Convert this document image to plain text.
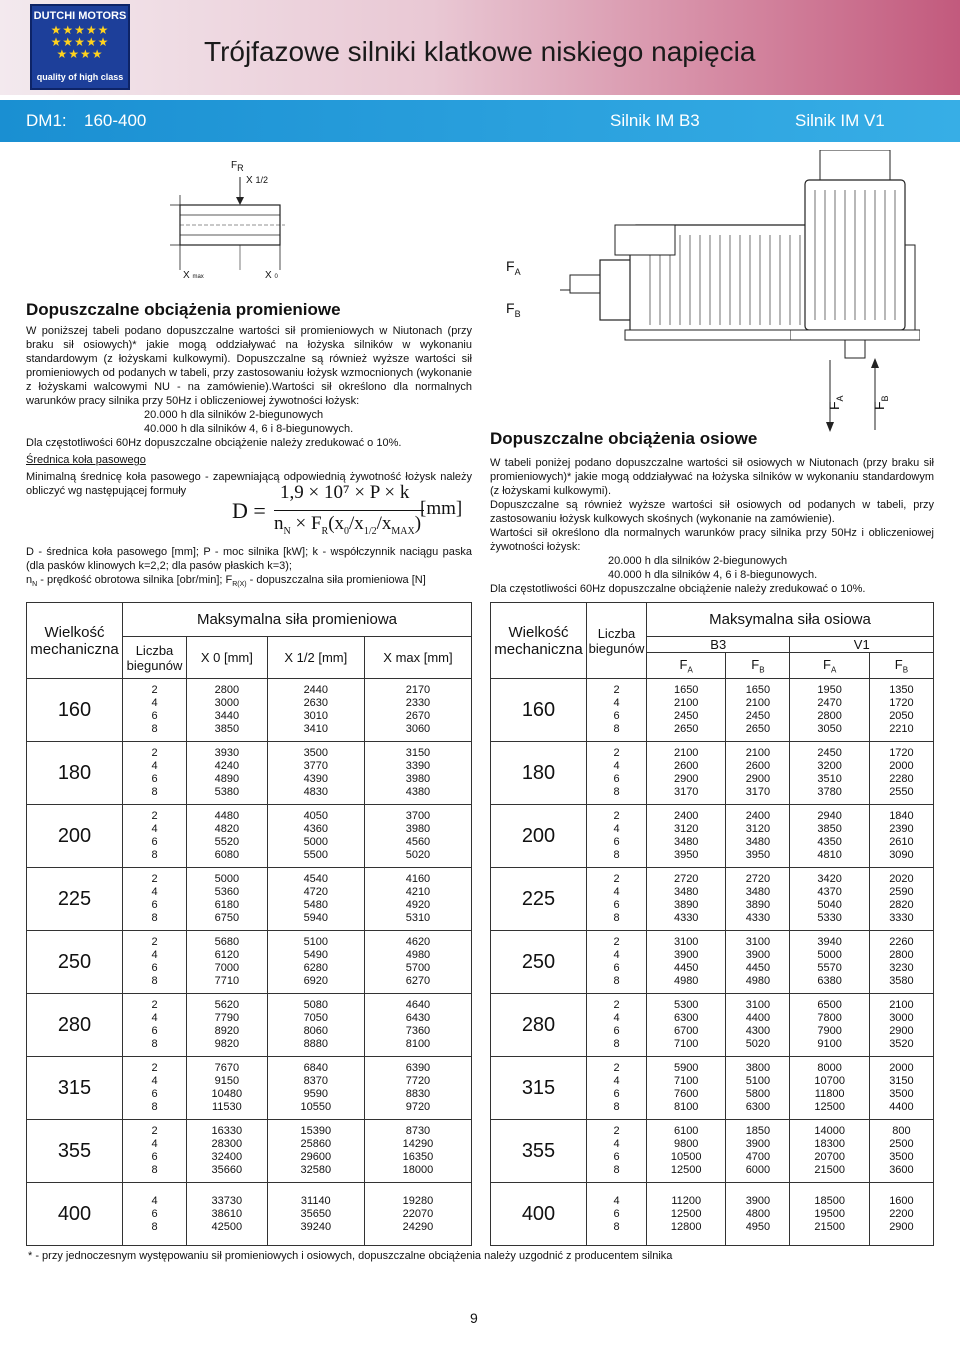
DUTCHI MOTORS
★★★★★
★★★★★
★★★★
quality of high class
Trójfazowe silniki klatkowe niskiego napięcia
DM1: 160-400	Silnik IM B3	Silnik IM V1
$F_R$
X 1/2
X max	X 0
$F_A$
$F_B$
$F_A$
$F_B$
Dopuszczalne obciążenia promieniowe

W poniższej tabeli podano dopuszczalne wartości sił promieniowych w Niutonach (przy braku sił osiowych)* jakie mogą oddziaływać na łożyska silników w wykonaniu standardowym (z łożyskami kulkowymi). Dopuszczalne są również wyższe wartości sił promieniowych od podanych w tabeli, przy zastosowaniu łożysk wzmocnionych (wykonanie z łożyskami walcowymi NU - na zamówienie).Wartości sił określono dla normalnych warunków pracy silnika przy 50Hz i obliczeniowej żywotności łożysk:

20.000 h dla silników 2-biegunowych

40.000 h dla silników 4, 6 i 8-biegunowych.

Dla częstotliwości 60Hz dopuszczalne obciążenie należy zredukować o 10%.

Średnica koła pasowego

Minimalną średnicę koła pasowego - zapewniającą odpowiednią żywotność łożysk należy obliczyć wg następującej formuły

D =
1,9 × 10⁷ × P × k
$n_N \times F_R(x_0/x_{1/2}/x_{MAX})$
[mm]

D - średnica koła pasowego [mm]; P - moc silnika [kW]; k - współczynnik naciągu paska (dla pasków klinowych k=2,2; dla pasów płaskich k=3);

$n_N$ - prędkość obrotowa silnika [obr/min]; $F_{R(X)}$ - dopuszczalna siła promieniowa [N]

Dopuszczalne obciążenia osiowe

W tabeli poniżej podano dopuszczalne wartości sił osiowych w Niutonach (przy braku sił promieniowych)* jakie mogą oddziaływać na łożyska silników w wykonaniu standardowym (z łożyskami kulkowymi).

Dopuszczalne są również wyższe wartości sił osiowych od podanych w tabeli, przy zastosowaniu łożysk kulkowych skośnych (wykonanie na zamówienie).

Wartości sił określono dla normalnych warunków pracy silnika przy 50Hz i obliczeniowej żywotności łożysk:

20.000 h dla silników 2-biegunowych

40.000 h dla silników 4, 6 i 8-biegunowych.

Dla częstotliwości 60Hz dopuszczalne obciążenie należy zredukować o 10%.

Wielkość mechaniczna	Maksymalna siła promieniowa			
	Liczba biegunów	X 0 [mm]	X 1/2 [mm]	X max [mm]
160	2
4
6
8	2800
3000
3440
3850	2440
2630
3010
3410	2170
2330
2670
3060
180	2
4
6
8	3930
4240
4890
5380	3500
3770
4390
4830	3150
3390
3980
4380
200	2
4
6
8	4480
4820
5520
6080	4050
4360
5000
5500	3700
3980
4560
5020
225	2
4
6
8	5000
5360
6180
6750	4540
4720
5480
5940	4160
4210
4920
5310
250	2
4
6
8	5680
6120
7000
7710	5100
5490
6280
6920	4620
4980
5700
6270
280	2
4
6
8	5620
7790
8920
9820	5080
7050
8060
8880	4640
6430
7360
8100
315	2
4
6
8	7670
9150
10480
11530	6840
8370
9590
10550	6390
7720
8830
9720
355	2
4
6
8	16330
28300
32400
35660	15390
25860
29600
32580	8730
14290
16350
18000
400	4
6
8	33730
38610
42500	31140
35650
39240	19280
22070
24290
Wielkość mechaniczna	Liczba biegunów	Maksymalna siła osiowa			
		B3		V1	
		$F_A$	$F_B$	$F_A$	$F_B$
160	2
4
6
8	1650
2100
2450
2650	1650
2100
2450
2650	1950
2470
2800
3050	1350
1720
2050
2210
180	2
4
6
8	2100
2600
2900
3170	2100
2600
2900
3170	2450
3200
3510
3780	1720
2000
2280
2550
200	2
4
6
8	2400
3120
3480
3950	2400
3120
3480
3950	2940
3850
4350
4810	1840
2390
2610
3090
225	2
4
6
8	2720
3480
3890
4330	2720
3480
3890
4330	3420
4370
5040
5330	2020
2590
2820
3330
250	2
4
6
8	3100
3900
4450
4980	3100
3900
4450
4980	3940
5000
5570
6380	2260
2800
3230
3580
280	2
4
6
8	5300
6300
6700
7100	3100
4400
4300
5020	6500
7800
7900
9100	2100
3000
2900
3520
315	2
4
6
8	5900
7100
7600
8100	3800
5100
5800
6300	8000
10700
11800
12500	2000
3150
3500
4400
355	2
4
6
8	6100
9800
10500
12500	1850
3900
4700
6000	14000
18300
20700
21500	800
2500
3500
3600
400	4
6
8	11200
12500
12800	3900
4800
4950	18500
19500
21500	1600
2200
2900
* - przy jednoczesnym występowaniu sił promieniowych i osiowych, dopuszczalne obciążenia należy uzgodnić z producentem silnika
9
